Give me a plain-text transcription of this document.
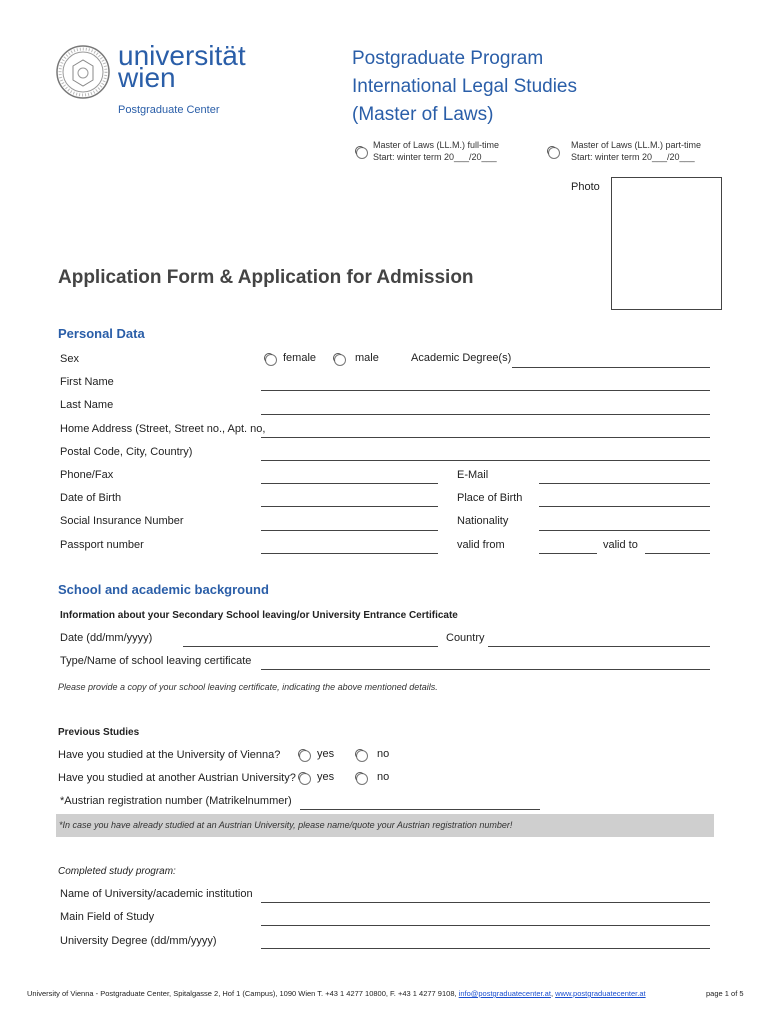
universität
wien
Postgraduate Center
Postgraduate Program
International Legal Studies
(Master of Laws)
Master of Laws (LL.M.) full-time
Start: winter term 20___/20___
Master of Laws (LL.M.) part-time
Start: winter term 20___/20___
Photo
Application Form & Application for Admission
Personal Data
Sex	female	male	Academic Degree(s)
First Name
Last Name
Home Address (Street, Street no., Apt. no,
Postal Code, City, Country)
Phone/Fax	E-Mail
Date of Birth	Place of Birth
Social Insurance Number	Nationality
Passport number	valid from	valid to
School and academic background
Information about your Secondary School leaving/or University Entrance Certificate
Date (dd/mm/yyyy)	Country
Type/Name of school leaving certificate
Please provide a copy of your school leaving certificate, indicating the above mentioned details.
Previous Studies
Have you studied at the University of Vienna?	yes	no
Have you studied at another Austrian University? yes	no
*Austrian registration number (Matrikelnummer)
*In case you have already studied at an Austrian University, please name/quote your Austrian registration number!
Completed study program:
Name of University/academic institution
Main Field of Study
University Degree (dd/mm/yyyy)
University of Vienna - Postgraduate Center, Spitalgasse 2, Hof 1 (Campus), 1090 Wien T. +43 1 4277 10800, F. +43 1 4277 9108, info@postgraduatecenter.at, www.postgraduatecenter.at	page 1 of 5
